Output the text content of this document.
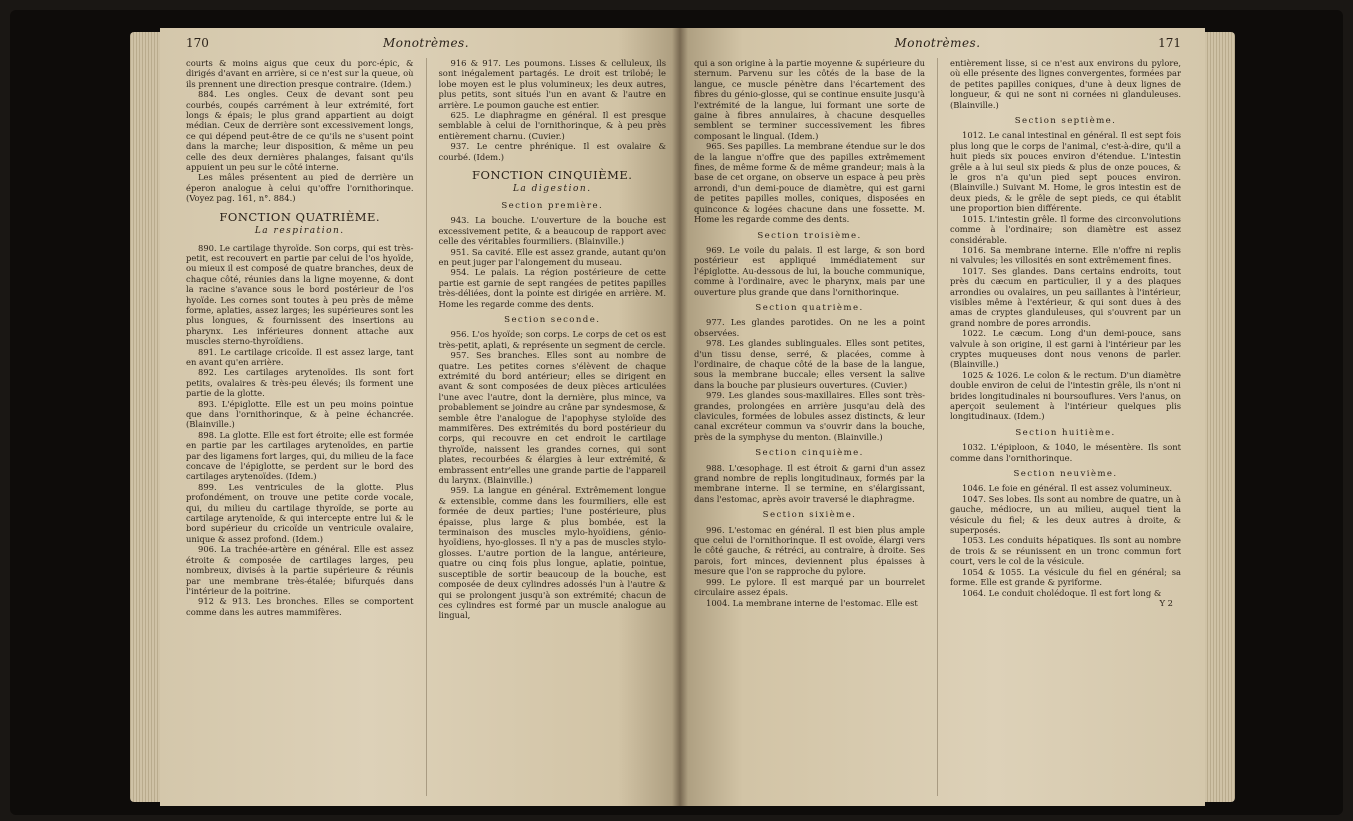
170	Monotrèmes.

courts & moins aigus que ceux du porc-épic, & dirigés d'avant en arrière, si ce n'est sur la queue, où ils prennent une direction presque contraire. (Idem.)

884. Les ongles. Ceux de devant sont peu courbés, coupés carrément à leur extrémité, fort longs & épais; le plus grand appartient au doigt médian. Ceux de derrière sont excessivement longs, ce qui dépend peut-être de ce qu'ils ne s'usent point dans la marche; leur disposition, & même un peu celle des deux dernières phalanges, faisant qu'ils appuient un peu sur le côté interne.

Les mâles présentent au pied de derrière un éperon analogue à celui qu'offre l'ornithorinque. (Voyez pag. 161, n°. 884.)

FONCTION QUATRIÈME.
La respiration.

890. Le cartilage thyroïde. Son corps, qui est très-petit, est recouvert en partie par celui de l'os hyoïde, ou mieux il est composé de quatre branches, deux de chaque côté, réunies dans la ligne moyenne, & dont la racine s'avance sous le bord postérieur de l'os hyoïde. Les cornes sont toutes à peu près de même forme, aplaties, assez larges; les supérieures sont les plus longues, & fournissent des insertions au pharynx. Les inférieures donnent attache aux muscles sterno-thyroïdiens.

891. Le cartilage cricoïde. Il est assez large, tant en avant qu'en arrière.

892. Les cartilages arytenoïdes. Ils sont fort petits, ovalaires & très-peu élevés; ils forment une partie de la glotte.

893. L'épiglotte. Elle est un peu moins pointue que dans l'ornithorinque, & à peine échancrée. (Blainville.)

898. La glotte. Elle est fort étroite; elle est formée en partie par les cartilages arytenoïdes, en partie par des ligamens fort larges, qui, du milieu de la face concave de l'épiglotte, se perdent sur le bord des cartilages arytenoïdes. (Idem.)

899. Les ventricules de la glotte. Plus profondément, on trouve une petite corde vocale, qui, du milieu du cartilage thyroïde, se porte au cartilage arytenoïde, & qui intercepte entre lui & le bord supérieur du cricoïde un ventricule ovalaire, unique & assez profond. (Idem.)

906. La trachée-artère en général. Elle est assez étroite & composée de cartilages larges, peu nombreux, divisés à la partie supérieure & réunis par une membrane très-étalée; bifurqués dans l'intérieur de la poitrine.

912 & 913. Les bronches. Elles se comportent comme dans les autres mammifères.

916 & 917. Les poumons. Lisses & celluleux, ils sont inégalement partagés. Le droit est trilobé; le lobe moyen est le plus volumineux; les deux autres, plus petits, sont situés l'un en avant & l'autre en arrière. Le poumon gauche est entier.

625. Le diaphragme en général. Il est presque semblable à celui de l'ornithorinque, & à peu près entièrement charnu. (Cuvier.)

937. Le centre phrénique. Il est ovalaire & courbé. (Idem.)

FONCTION CINQUIÈME.
La digestion.
Section première.

943. La bouche. L'ouverture de la bouche est excessivement petite, & a beaucoup de rapport avec celle des véritables fourmiliers. (Blainville.)

951. Sa cavité. Elle est assez grande, autant qu'on en peut juger par l'alongement du museau.

954. Le palais. La région postérieure de cette partie est garnie de sept rangées de petites papilles très-déliées, dont la pointe est dirigée en arrière. M. Home les regarde comme des dents.

Section seconde.

956. L'os hyoïde; son corps. Le corps de cet os est très-petit, aplati, & représente un segment de cercle.

957. Ses branches. Elles sont au nombre de quatre. Les petites cornes s'élèvent de chaque extrémité du bord antérieur; elles se dirigent en avant & sont composées de deux pièces articulées l'une avec l'autre, dont la dernière, plus mince, va probablement se joindre au crâne par syndesmose, & semble être l'analogue de l'apophyse styloïde des mammifères. Des extrémités du bord postérieur du corps, qui recouvre en cet endroit le cartilage thyroïde, naissent les grandes cornes, qui sont plates, recourbées & élargies à leur extrémité, & embrassent entr'elles une grande partie de l'appareil du larynx. (Blainville.)

959. La langue en général. Extrêmement longue & extensible, comme dans les fourmiliers, elle est formée de deux parties; l'une postérieure, plus épaisse, plus large & plus bombée, est la terminaison des muscles mylo-hyoïdiens, génio-hyoïdiens, hyo-glosses. Il n'y a pas de muscles stylo-glosses. L'autre portion de la langue, antérieure, quatre ou cinq fois plus longue, aplatie, pointue, susceptible de sortir beaucoup de la bouche, est composée de deux cylindres adossés l'un à l'autre & qui se prolongent jusqu'à son extrémité; chacun de ces cylindres est formé par un muscle analogue au lingual,

Monotrèmes.	171

qui a son origine à la partie moyenne & supérieure du sternum. Parvenu sur les côtés de la base de la langue, ce muscle pénètre dans l'écartement des fibres du génio-glosse, qui se continue ensuite jusqu'à l'extrémité de la langue, lui formant une sorte de gaine à fibres annulaires, à chacune desquelles semblent se terminer successivement les fibres composant le lingual. (Idem.)

965. Ses papilles. La membrane étendue sur le dos de la langue n'offre que des papilles extrêmement fines, de même forme & de même grandeur; mais à la base de cet organe, on observe un espace à peu près arrondi, d'un demi-pouce de diamètre, qui est garni de petites papilles molles, coniques, disposées en quinconce & logées chacune dans une fossette. M. Home les regarde comme des dents.

Section troisième.

969. Le voile du palais. Il est large, & son bord postérieur est appliqué immédiatement sur l'épiglotte. Au-dessous de lui, la bouche communique, comme à l'ordinaire, avec le pharynx, mais par une ouverture plus grande que dans l'ornithorinque.

Section quatrième.

977. Les glandes parotides. On ne les a point observées.

978. Les glandes sublinguales. Elles sont petites, d'un tissu dense, serré, & placées, comme à l'ordinaire, de chaque côté de la base de la langue, sous la membrane buccale; elles versent la salive dans la bouche par plusieurs ouvertures. (Cuvier.)

979. Les glandes sous-maxillaires. Elles sont très-grandes, prolongées en arrière jusqu'au delà des clavicules, formées de lobules assez distincts, & leur canal excréteur commun va s'ouvrir dans la bouche, près de la symphyse du menton. (Blainville.)

Section cinquième.

988. L'œsophage. Il est étroit & garni d'un assez grand nombre de replis longitudinaux, formés par la membrane interne. Il se termine, en s'élargissant, dans l'estomac, après avoir traversé le diaphragme.

Section sixième.

996. L'estomac en général. Il est bien plus ample que celui de l'ornithorinque. Il est ovoïde, élargi vers le côté gauche, & rétréci, au contraire, à droite. Ses parois, fort minces, deviennent plus épaisses à mesure que l'on se rapproche du pylore.

999. Le pylore. Il est marqué par un bourrelet circulaire assez épais.

1004. La membrane interne de l'estomac. Elle est

entièrement lisse, si ce n'est aux environs du pylore, où elle présente des lignes convergentes, formées par de petites papilles coniques, d'une à deux lignes de longueur, & qui ne sont ni cornées ni glanduleuses. (Blainville.)

Section septième.

1012. Le canal intestinal en général. Il est sept fois plus long que le corps de l'animal, c'est-à-dire, qu'il a huit pieds six pouces environ d'étendue. L'intestin grêle a à lui seul six pieds & plus de onze pouces, & le gros n'a qu'un pied sept pouces environ. (Blainville.) Suivant M. Home, le gros intestin est de deux pieds, & le grêle de sept pieds, ce qui établit une proportion bien différente.

1015. L'intestin grêle. Il forme des circonvolutions comme à l'ordinaire; son diamètre est assez considérable.

1016. Sa membrane interne. Elle n'offre ni replis ni valvules; les villosités en sont extrêmement fines.

1017. Ses glandes. Dans certains endroits, tout près du cæcum en particulier, il y a des plaques arrondies ou ovalaires, un peu saillantes à l'intérieur, visibles même à l'extérieur, & qui sont dues à des amas de cryptes glanduleuses, qui s'ouvrent par un grand nombre de pores arrondis.

1022. Le cæcum. Long d'un demi-pouce, sans valvule à son origine, il est garni à l'intérieur par les cryptes muqueuses dont nous venons de parler. (Blainville.)

1025 & 1026. Le colon & le rectum. D'un diamètre double environ de celui de l'intestin grêle, ils n'ont ni brides longitudinales ni boursouflures. Vers l'anus, on aperçoit seulement à l'intérieur quelques plis longitudinaux. (Idem.)

Section huitième.

1032. L'épiploon, & 1040, le mésentère. Ils sont comme dans l'ornithorinque.

Section neuvième.

1046. Le foie en général. Il est assez volumineux.

1047. Ses lobes. Ils sont au nombre de quatre, un à gauche, médiocre, un au milieu, auquel tient la vésicule du fiel; & les deux autres à droite, & superposés.

1053. Les conduits hépatiques. Ils sont au nombre de trois & se réunissent en un tronc commun fort court, vers le col de la vésicule.

1054 & 1055. La vésicule du fiel en général; sa forme. Elle est grande & pyriforme.

1064. Le conduit cholédoque. Il est fort long &

Y 2
